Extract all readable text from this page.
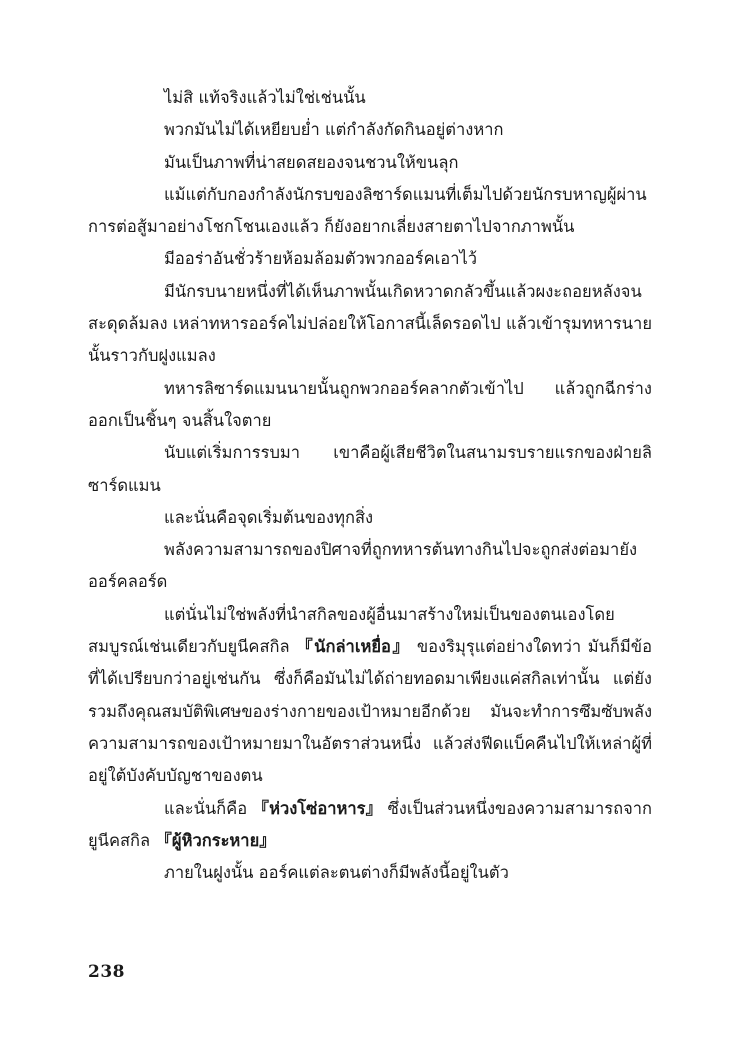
ไม่สิ แท้จริงแล้วไม่ใช่เช่นนั้น

พวกมันไม่ได้เหยียบย่ำ แต่กำลังกัดกินอยู่ต่างหาก

มันเป็นภาพที่น่าสยดสยองจนชวนให้ขนลุก

แม้แต่กับกองกำลังนักรบของลิซาร์ดแมนที่เต็มไปด้วยนักรบหาญผู้ผ่านการต่อสู้มาอย่างโชกโชนเองแล้ว ก็ยังอยากเลี่ยงสายตาไปจากภาพนั้น

มีออร่าอันชั่วร้ายห้อมล้อมตัวพวกออร์คเอาไว้

มีนักรบนายหนึ่งที่ได้เห็นภาพนั้นเกิดหวาดกลัวขึ้นแล้วผงะถอยหลังจนสะดุดล้มลง เหล่าทหารออร์คไม่ปล่อยให้โอกาสนี้เล็ดรอดไป แล้วเข้ารุมทหารนายนั้นราวกับฝูงแมลง

ทหารลิซาร์ดแมนนายนั้นถูกพวกออร์คลากตัวเข้าไป แล้วถูกฉีกร่างออกเป็นชิ้นๆ จนสิ้นใจตาย

นับแต่เริ่มการรบมา เขาคือผู้เสียชีวิตในสนามรบรายแรกของฝ่ายลิซาร์ดแมน

และนั่นคือจุดเริ่มต้นของทุกสิ่ง

พลังความสามารถของปิศาจที่ถูกทหารต้นทางกินไปจะถูกส่งต่อมายังออร์คลอร์ด

แต่นั่นไม่ใช่พลังที่นำสกิลของผู้อื่นมาสร้างใหม่เป็นของตนเองโดยสมบูรณ์เช่นเดียวกับยูนีคสกิล 『นักล่าเหยื่อ』 ของริมุรุแต่อย่างใดทว่า มันก็มีข้อที่ได้เปรียบกว่าอยู่เช่นกัน ซึ่งก็คือมันไม่ได้ถ่ายทอดมาเพียงแค่สกิลเท่านั้น แต่ยังรวมถึงคุณสมบัติพิเศษของร่างกายของเป้าหมายอีกด้วย มันจะทำการซึมซับพลังความสามารถของเป้าหมายมาในอัตราส่วนหนึ่ง แล้วส่งฟีดแบ็คคืนไปให้เหล่าผู้ที่อยู่ใต้บังคับบัญชาของตน

และนั่นก็คือ 『ห่วงโซ่อาหาร』 ซึ่งเป็นส่วนหนึ่งของความสามารถจากยูนีคสกิล 『ผู้หิวกระหาย』

ภายในฝูงนั้น ออร์คแต่ละตนต่างก็มีพลังนี้อยู่ในตัว

238
